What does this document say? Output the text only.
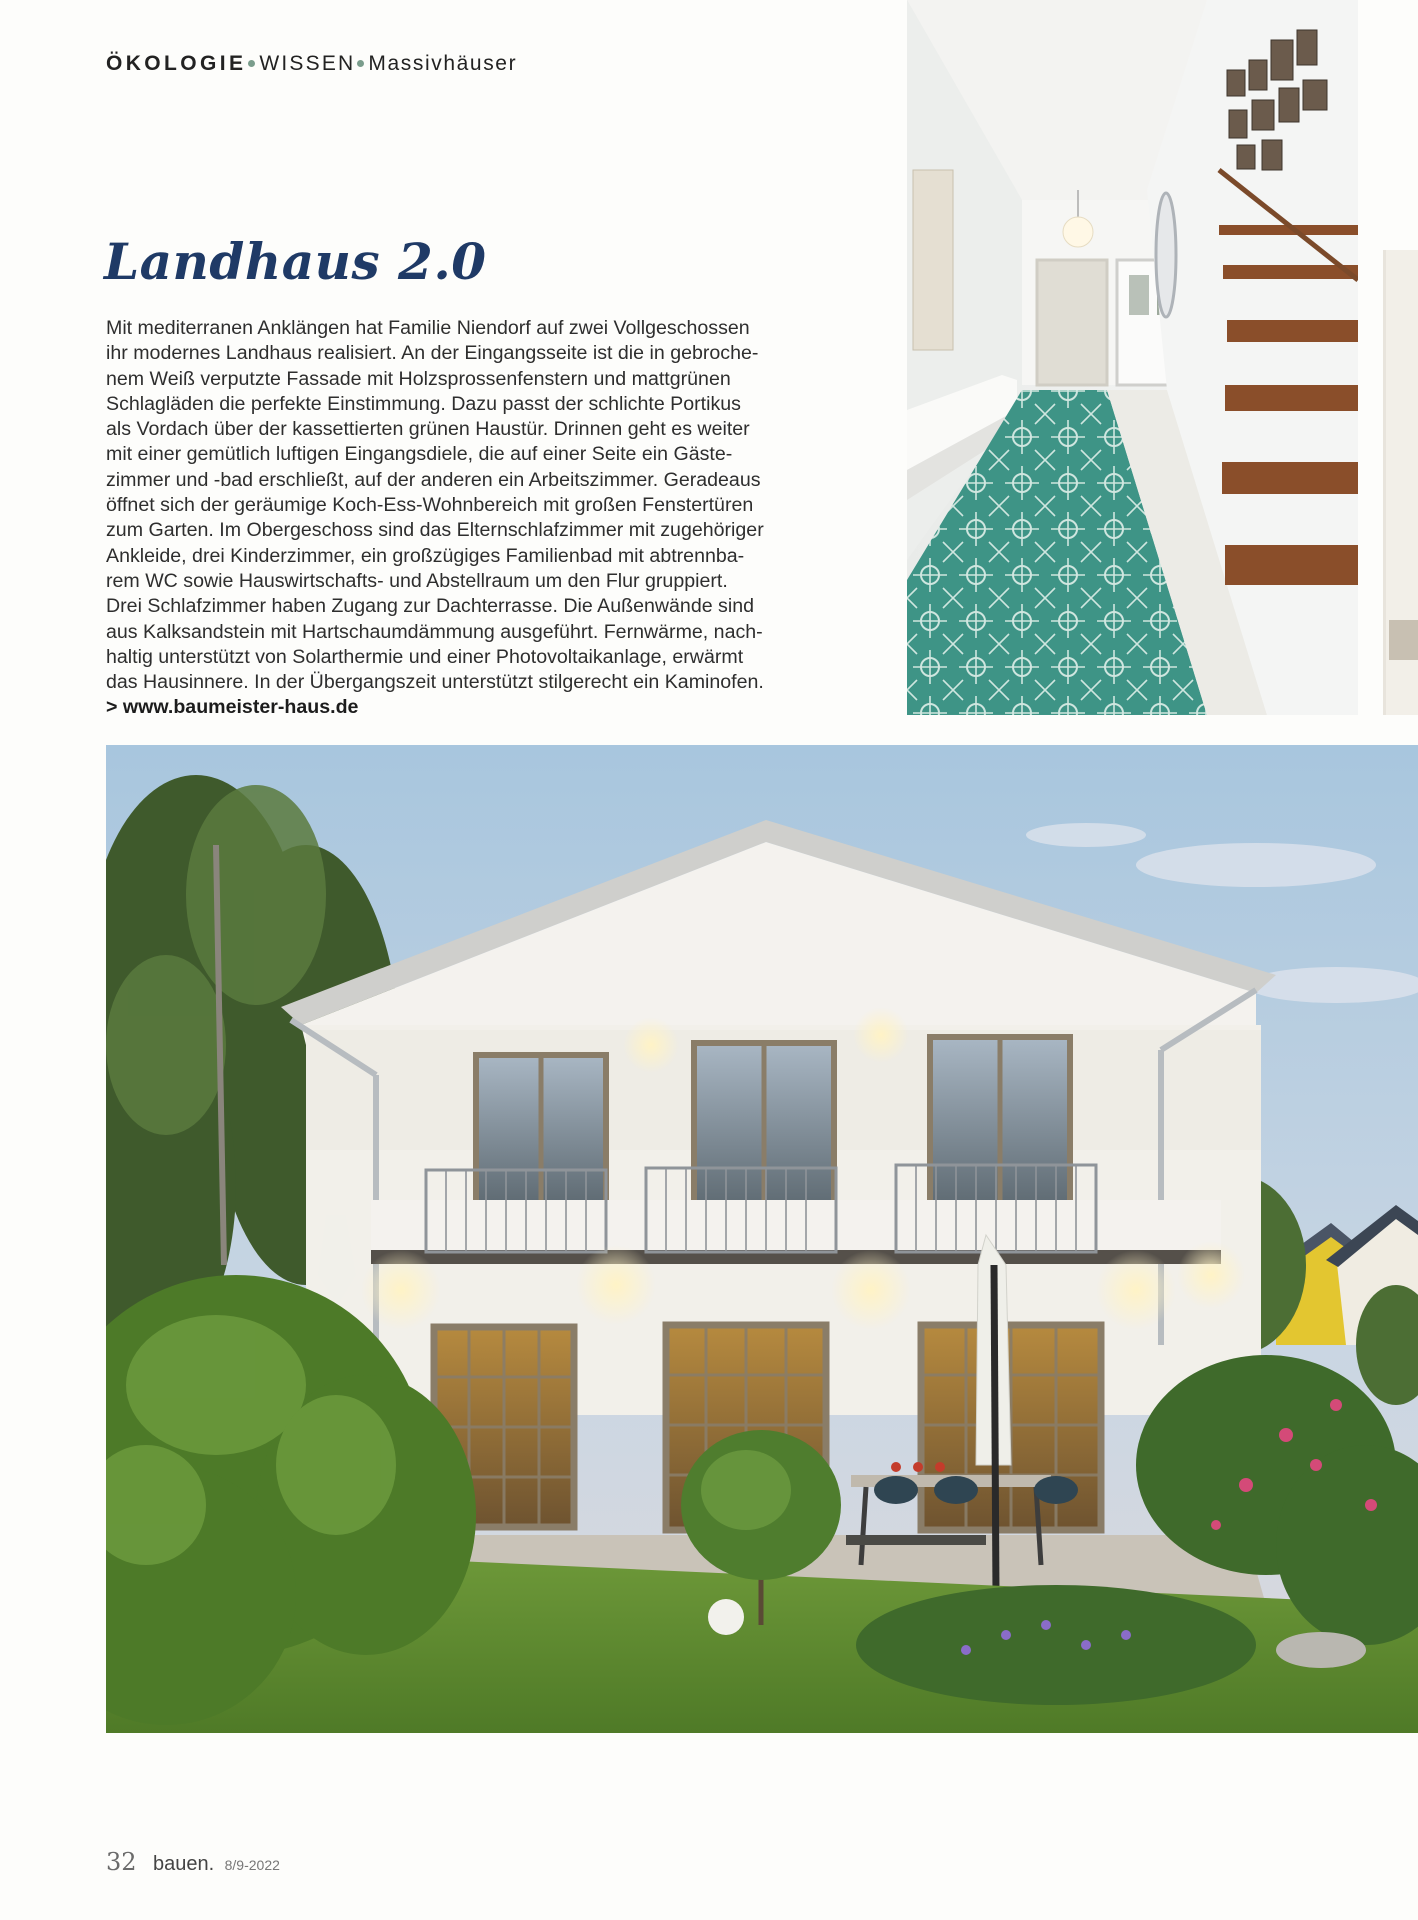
ÖKOLOGIE WISSEN Massivhäuser
Landhaus 2.0
Mit mediterranen Anklängen hat Familie Niendorf auf zwei Vollgeschossen
ihr modernes Landhaus realisiert. An der Eingangsseite ist die in gebroche-
nem Weiß verputzte Fassade mit Holzsprossenfenstern und mattgrünen
Schlagläden die perfekte Einstimmung. Dazu passt der schlichte Portikus
als Vordach über der kassettierten grünen Haustür. Drinnen geht es weiter
mit einer gemütlich luftigen Eingangsdiele, die auf einer Seite ein Gäste-
zimmer und -bad erschließt, auf der anderen ein Arbeitszimmer. Geradeaus
öffnet sich der geräumige Koch-Ess-Wohnbereich mit großen Fenstertüren
zum Garten. Im Obergeschoss sind das Elternschlafzimmer mit zugehöriger
Ankleide, drei Kinderzimmer, ein großzügiges Familienbad mit abtrennba-
rem WC sowie Hauswirtschafts- und Abstellraum um den Flur gruppiert.
Drei Schlafzimmer haben Zugang zur Dachterrasse. Die Außenwände sind
aus Kalksandstein mit Hartschaumdämmung ausgeführt. Fernwärme, nach-
haltig unterstützt von Solarthermie und einer Photovoltaikanlage, erwärmt
das Hausinnere. In der Übergangszeit unterstützt stilgerecht ein Kaminofen.
> www.baumeister-haus.de
32 bauen. 8/9-2022
